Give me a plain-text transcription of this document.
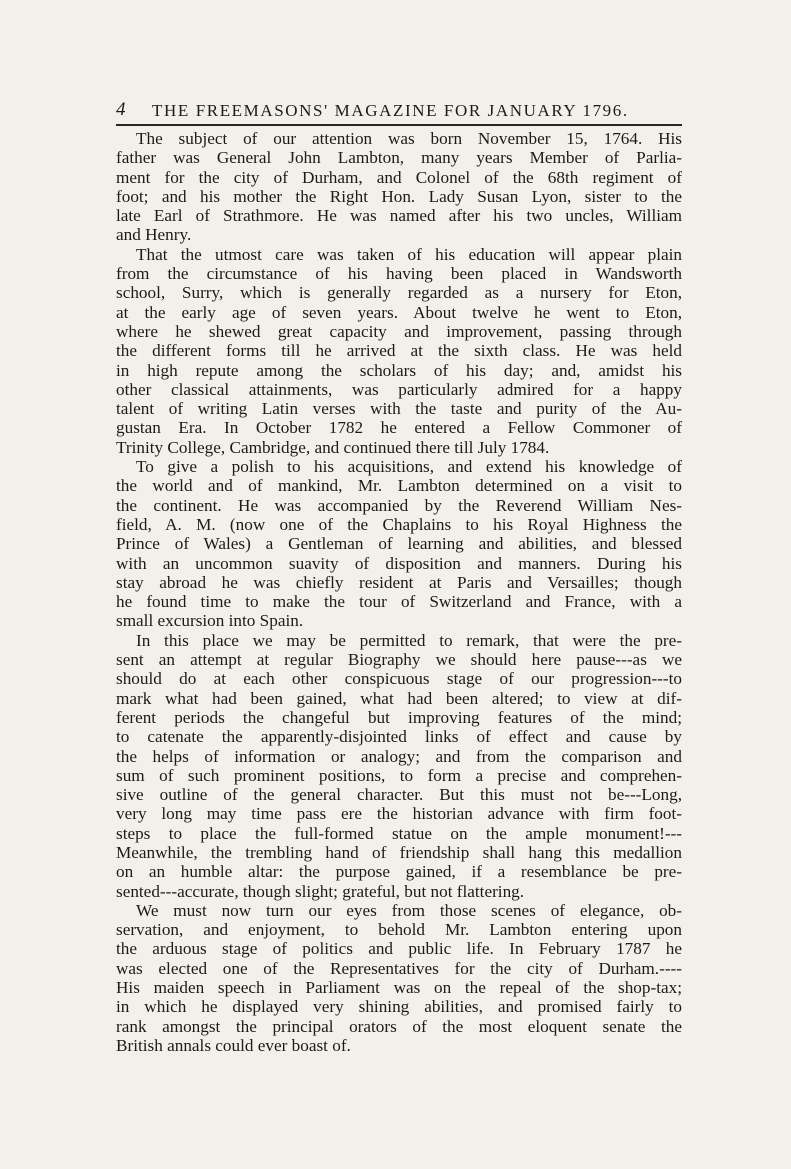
4 THE FREEMASONS' MAGAZINE FOR JANUARY 1796.
The subject of our attention was born November 15, 1764. His
father was General John Lambton, many years Member of Parlia-
ment for the city of Durham, and Colonel of the 68th regiment of
foot; and his mother the Right Hon. Lady Susan Lyon, sister to the
late Earl of Strathmore. He was named after his two uncles, William
and Henry.
That the utmost care was taken of his education will appear plain
from the circumstance of his having been placed in Wandsworth
school, Surry, which is generally regarded as a nursery for Eton,
at the early age of seven years. About twelve he went to Eton,
where he shewed great capacity and improvement, passing through
the different forms till he arrived at the sixth class. He was held
in high repute among the scholars of his day; and, amidst his
other classical attainments, was particularly admired for a happy
talent of writing Latin verses with the taste and purity of the Au-
gustan Era. In October 1782 he entered a Fellow Commoner of
Trinity College, Cambridge, and continued there till July 1784.
To give a polish to his acquisitions, and extend his knowledge of
the world and of mankind, Mr. Lambton determined on a visit to
the continent. He was accompanied by the Reverend William Nes-
field, A. M. (now one of the Chaplains to his Royal Highness the
Prince of Wales) a Gentleman of learning and abilities, and blessed
with an uncommon suavity of disposition and manners. During his
stay abroad he was chiefly resident at Paris and Versailles; though
he found time to make the tour of Switzerland and France, with a
small excursion into Spain.
In this place we may be permitted to remark, that were the pre-
sent an attempt at regular Biography we should here pause---as we
should do at each other conspicuous stage of our progression---to
mark what had been gained, what had been altered; to view at dif-
ferent periods the changeful but improving features of the mind;
to catenate the apparently-disjointed links of effect and cause by
the helps of information or analogy; and from the comparison and
sum of such prominent positions, to form a precise and comprehen-
sive outline of the general character. But this must not be---Long,
very long may time pass ere the historian advance with firm foot-
steps to place the full-formed statue on the ample monument!---
Meanwhile, the trembling hand of friendship shall hang this medallion
on an humble altar: the purpose gained, if a resemblance be pre-
sented---accurate, though slight; grateful, but not flattering.
We must now turn our eyes from those scenes of elegance, ob-
servation, and enjoyment, to behold Mr. Lambton entering upon
the arduous stage of politics and public life. In February 1787 he
was elected one of the Representatives for the city of Durham.----
His maiden speech in Parliament was on the repeal of the shop-tax;
in which he displayed very shining abilities, and promised fairly to
rank amongst the principal orators of the most eloquent senate the
British annals could ever boast of.
